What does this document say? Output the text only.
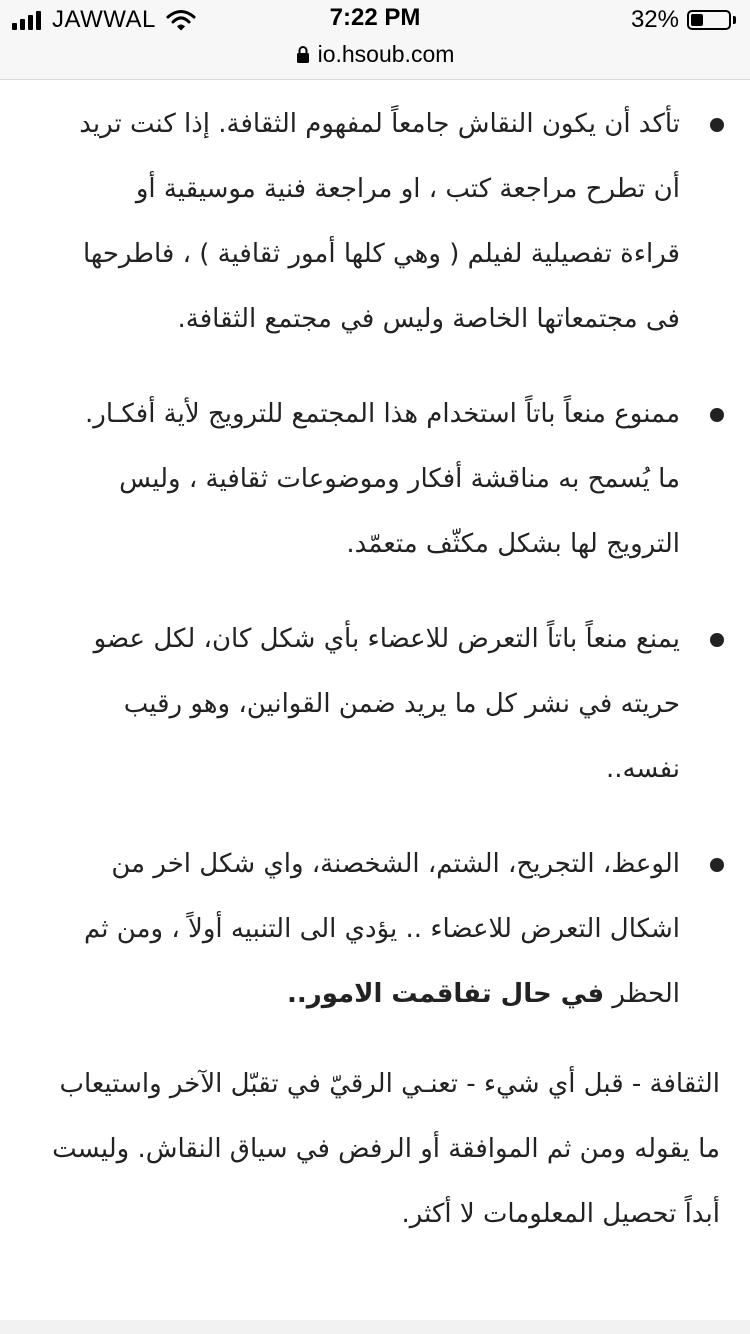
JAWWAL	7:22 PM	32%
io.hsoub.com
تأكد أن يكون النقاش جامعاً لمفهوم الثقافة. إذا كنت تريد أن تطرح مراجعة كتب ، او مراجعة فنية موسيقية أو قراءة تفصيلية لفيلم ( وهي كلها أمور ثقافية ) ، فاطرحها فى مجتمعاتها الخاصة وليس في مجتمع الثقافة.
ممنوع منعاً باتاً استخدام هذا المجتمع للترويج لأية أفكـار. ما يُسمح به مناقشة أفكار وموضوعات ثقافية ، وليس الترويج لها بشكل مكثّف متعمّد.
يمنع منعاً باتاً التعرض للاعضاء بأي شكل كان، لكل عضو حريته في نشر كل ما يريد ضمن القوانين، وهو رقيب نفسه..
الوعظ، التجريح، الشتم، الشخصنة، واي شكل اخر من اشكال التعرض للاعضاء .. يؤدي الى التنبيه أولاً ، ومن ثم الحظر في حال تفاقمت الامور..

الثقافة - قبل أي شيء - تعنـي الرقيّ في تقبّل الآخر واستيعاب ما يقوله ومن ثم الموافقة أو الرفض في سياق النقاش. وليست أبداً تحصيل المعلومات لا أكثر.
